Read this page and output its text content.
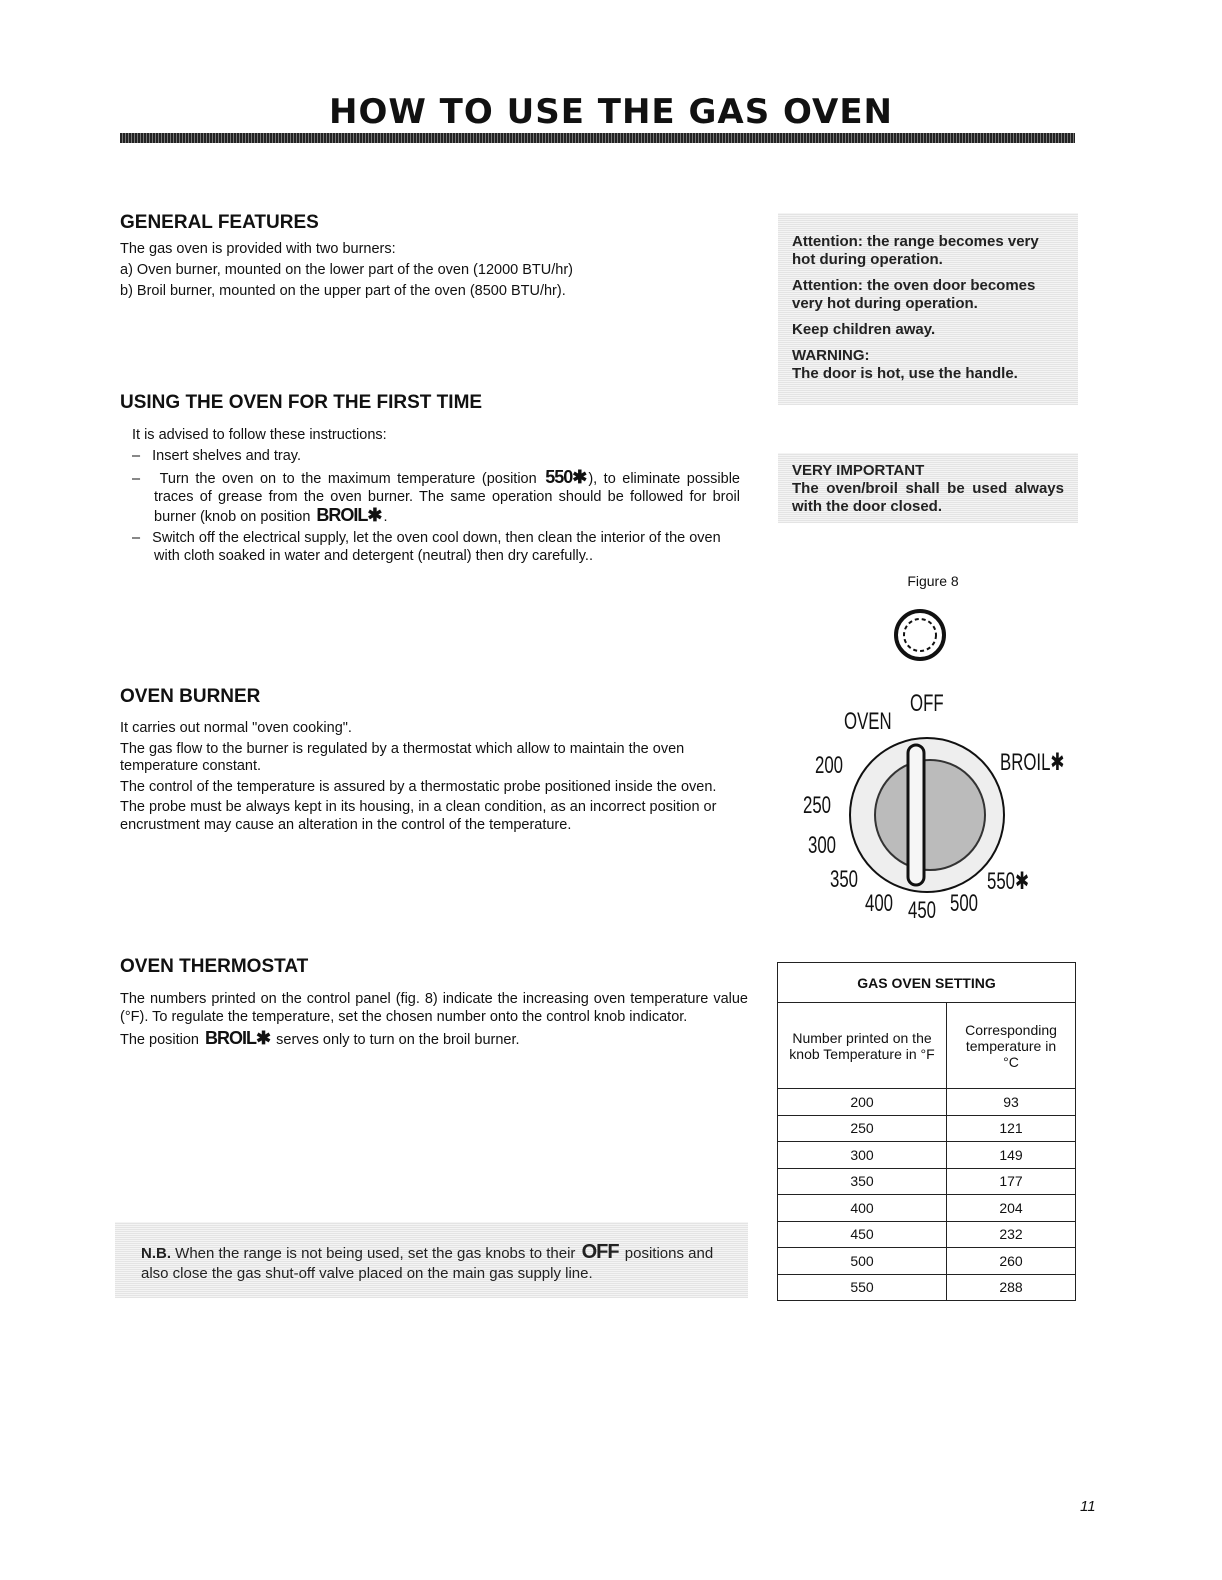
HOW TO USE THE GAS OVEN
GENERAL FEATURES
The gas oven is provided with two burners:
a) Oven burner, mounted on the lower part of the oven (12000 BTU/hr)
b) Broil burner, mounted on the upper part of the oven (8500 BTU/hr).
USING THE OVEN FOR THE FIRST TIME
It is advised to follow these instructions:
–   Insert shelves and tray.
–   Turn the oven on to the maximum temperature (position 550✱ ), to eliminate possible traces of grease from the oven burner. The same operation should be followed for broil burner (knob on position BROIL✱ .
–   Switch off the electrical supply, let the oven cool down, then clean the interior of the oven with cloth soaked in water and detergent (neutral) then dry carefully..
OVEN BURNER
It carries out normal "oven cooking".
The gas flow to the burner is regulated by a thermostat which allow to maintain the oven temperature constant.
The control of the temperature is assured by a thermostatic probe positioned inside the oven.
The probe must be always kept in its housing, in a clean condition, as an incorrect position or encrustment may cause an alteration in the control of the temperature.
OVEN THERMOSTAT
The numbers printed on the control panel (fig. 8) indicate the increasing oven temperature value (°F). To regulate the temperature, set the chosen number onto the control knob indicator.
The position BROIL✱ serves only to turn on the broil burner.
Attention: the range becomes very hot during operation.
Attention: the oven door becomes very hot during operation.
Keep children away.
WARNING:
The door is hot, use the handle.
VERY IMPORTANT
The oven/broil shall be used always with the door closed.
Figure 8
OFF
OVEN
BROIL✱
200
250
300
350
400 450 500
550✱
GAS OVEN SETTING	
Number printed on the knob Temperature in °F	Corresponding temperature in °C
200	93
250	121
300	149
350	177
400	204
450	232
500	260
550	288
N.B. When the range is not being used, set the gas knobs to their OFF positions and also close the gas shut-off valve placed on the main gas supply line.
11
